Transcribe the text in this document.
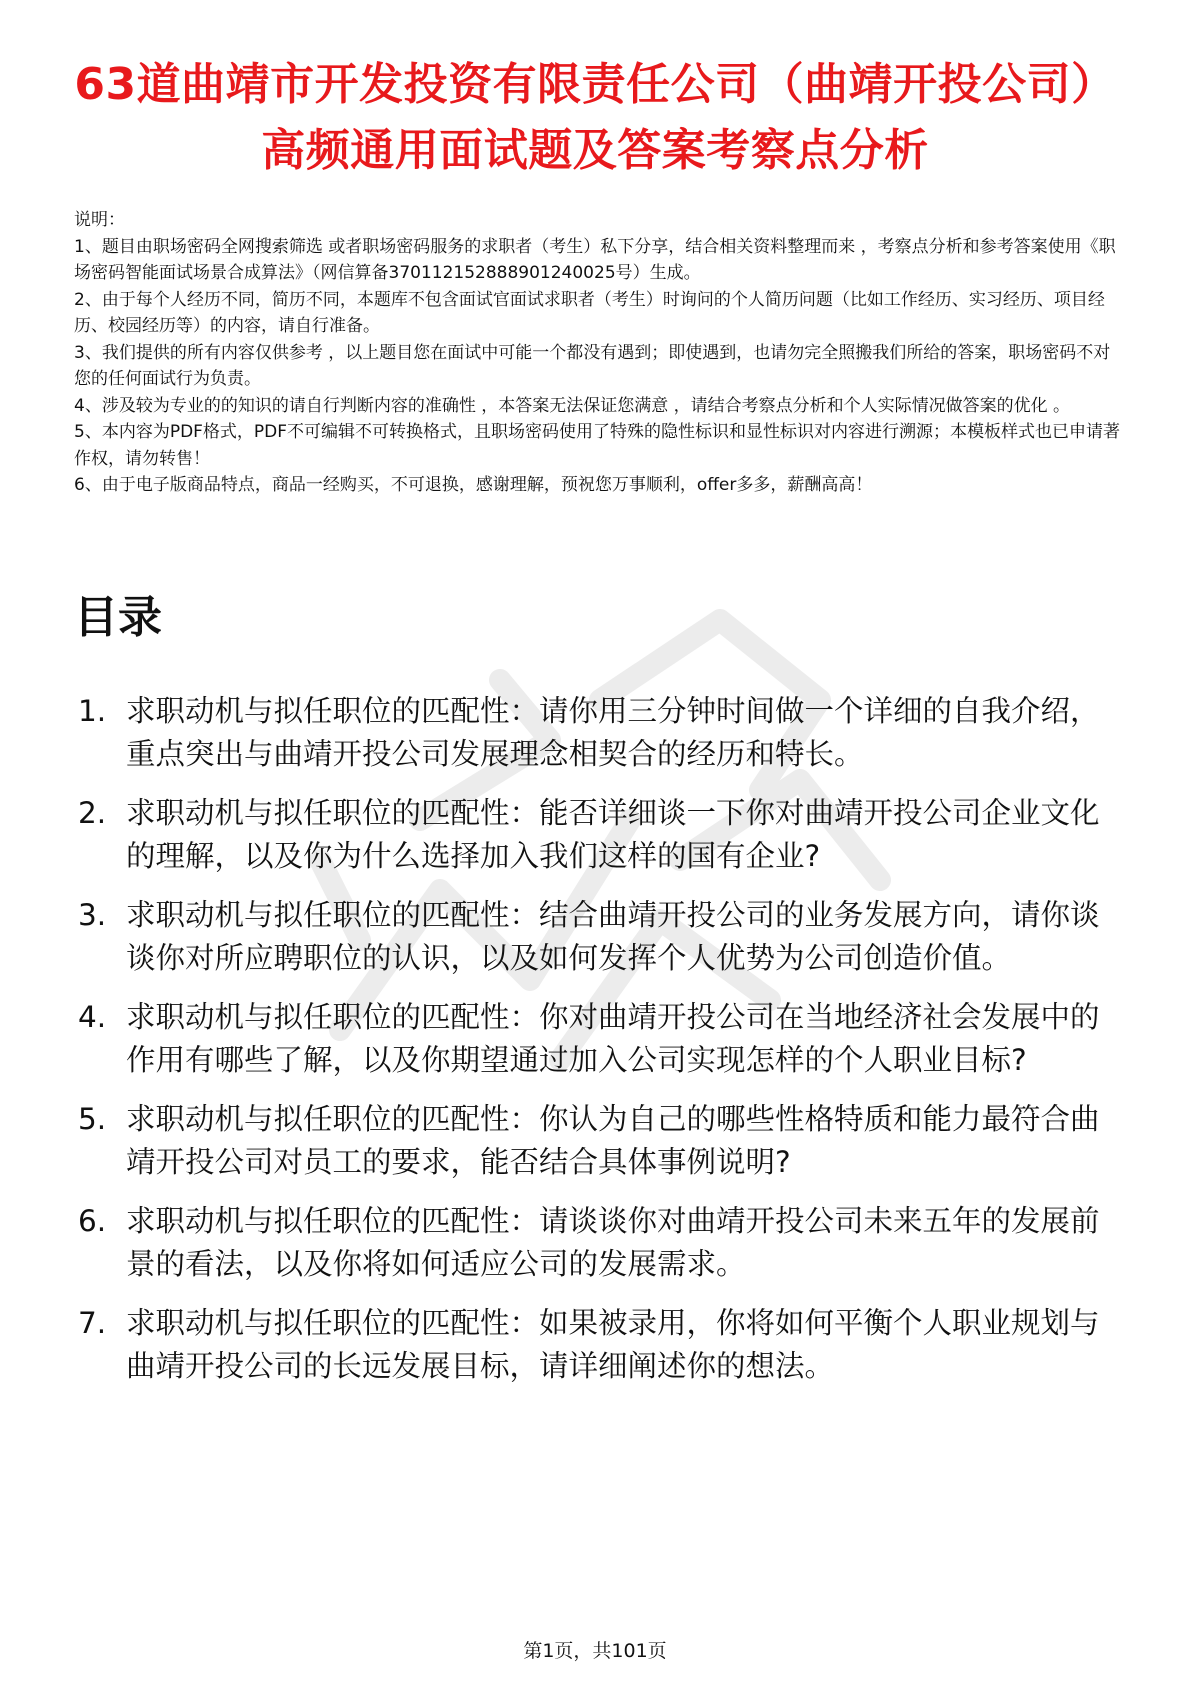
63道曲靖市开发投资有限责任公司（曲靖开投公司）高频通用面试题及答案考察点分析

说明：

1、题目由职场密码全网搜索筛选 或者职场密码服务的求职者（考生）私下分享，结合相关资料整理而来 ，考察点分析和参考答案使用《职场密码智能面试场景合成算法》（网信算备370112152888901240025号）生成。

2、由于每个人经历不同，简历不同，本题库不包含面试官面试求职者（考生）时询问的个人简历问题（比如工作经历、实习经历、项目经历、校园经历等）的内容，请自行准备。

3、我们提供的所有内容仅供参考 ，以上题目您在面试中可能一个都没有遇到；即使遇到，也请勿完全照搬我们所给的答案，职场密码不对您的任何面试行为负责。

4、涉及较为专业的的知识的请自行判断内容的准确性 ，本答案无法保证您满意 ，请结合考察点分析和个人实际情况做答案的优化 。

5、本内容为PDF格式，PDF不可编辑不可转换格式，且职场密码使用了特殊的隐性标识和显性标识对内容进行溯源；本模板样式也已申请著作权，请勿转售！

6、由于电子版商品特点，商品一经购买，不可退换，感谢理解，预祝您万事顺利，offer多多，薪酬高高！

目录
1. 求职动机与拟任职位的匹配性：请你用三分钟时间做一个详细的自我介绍，重点突出与曲靖开投公司发展理念相契合的经历和特长。
2. 求职动机与拟任职位的匹配性：能否详细谈一下你对曲靖开投公司企业文化的理解，以及你为什么选择加入我们这样的国有企业?
3. 求职动机与拟任职位的匹配性：结合曲靖开投公司的业务发展方向，请你谈谈你对所应聘职位的认识，以及如何发挥个人优势为公司创造价值。
4. 求职动机与拟任职位的匹配性：你对曲靖开投公司在当地经济社会发展中的作用有哪些了解，以及你期望通过加入公司实现怎样的个人职业目标?
5. 求职动机与拟任职位的匹配性：你认为自己的哪些性格特质和能力最符合曲靖开投公司对员工的要求，能否结合具体事例说明?
6. 求职动机与拟任职位的匹配性：请谈谈你对曲靖开投公司未来五年的发展前景的看法，以及你将如何适应公司的发展需求。
7. 求职动机与拟任职位的匹配性：如果被录用，你将如何平衡个人职业规划与曲靖开投公司的长远发展目标，请详细阐述你的想法。
第1页，共101页
